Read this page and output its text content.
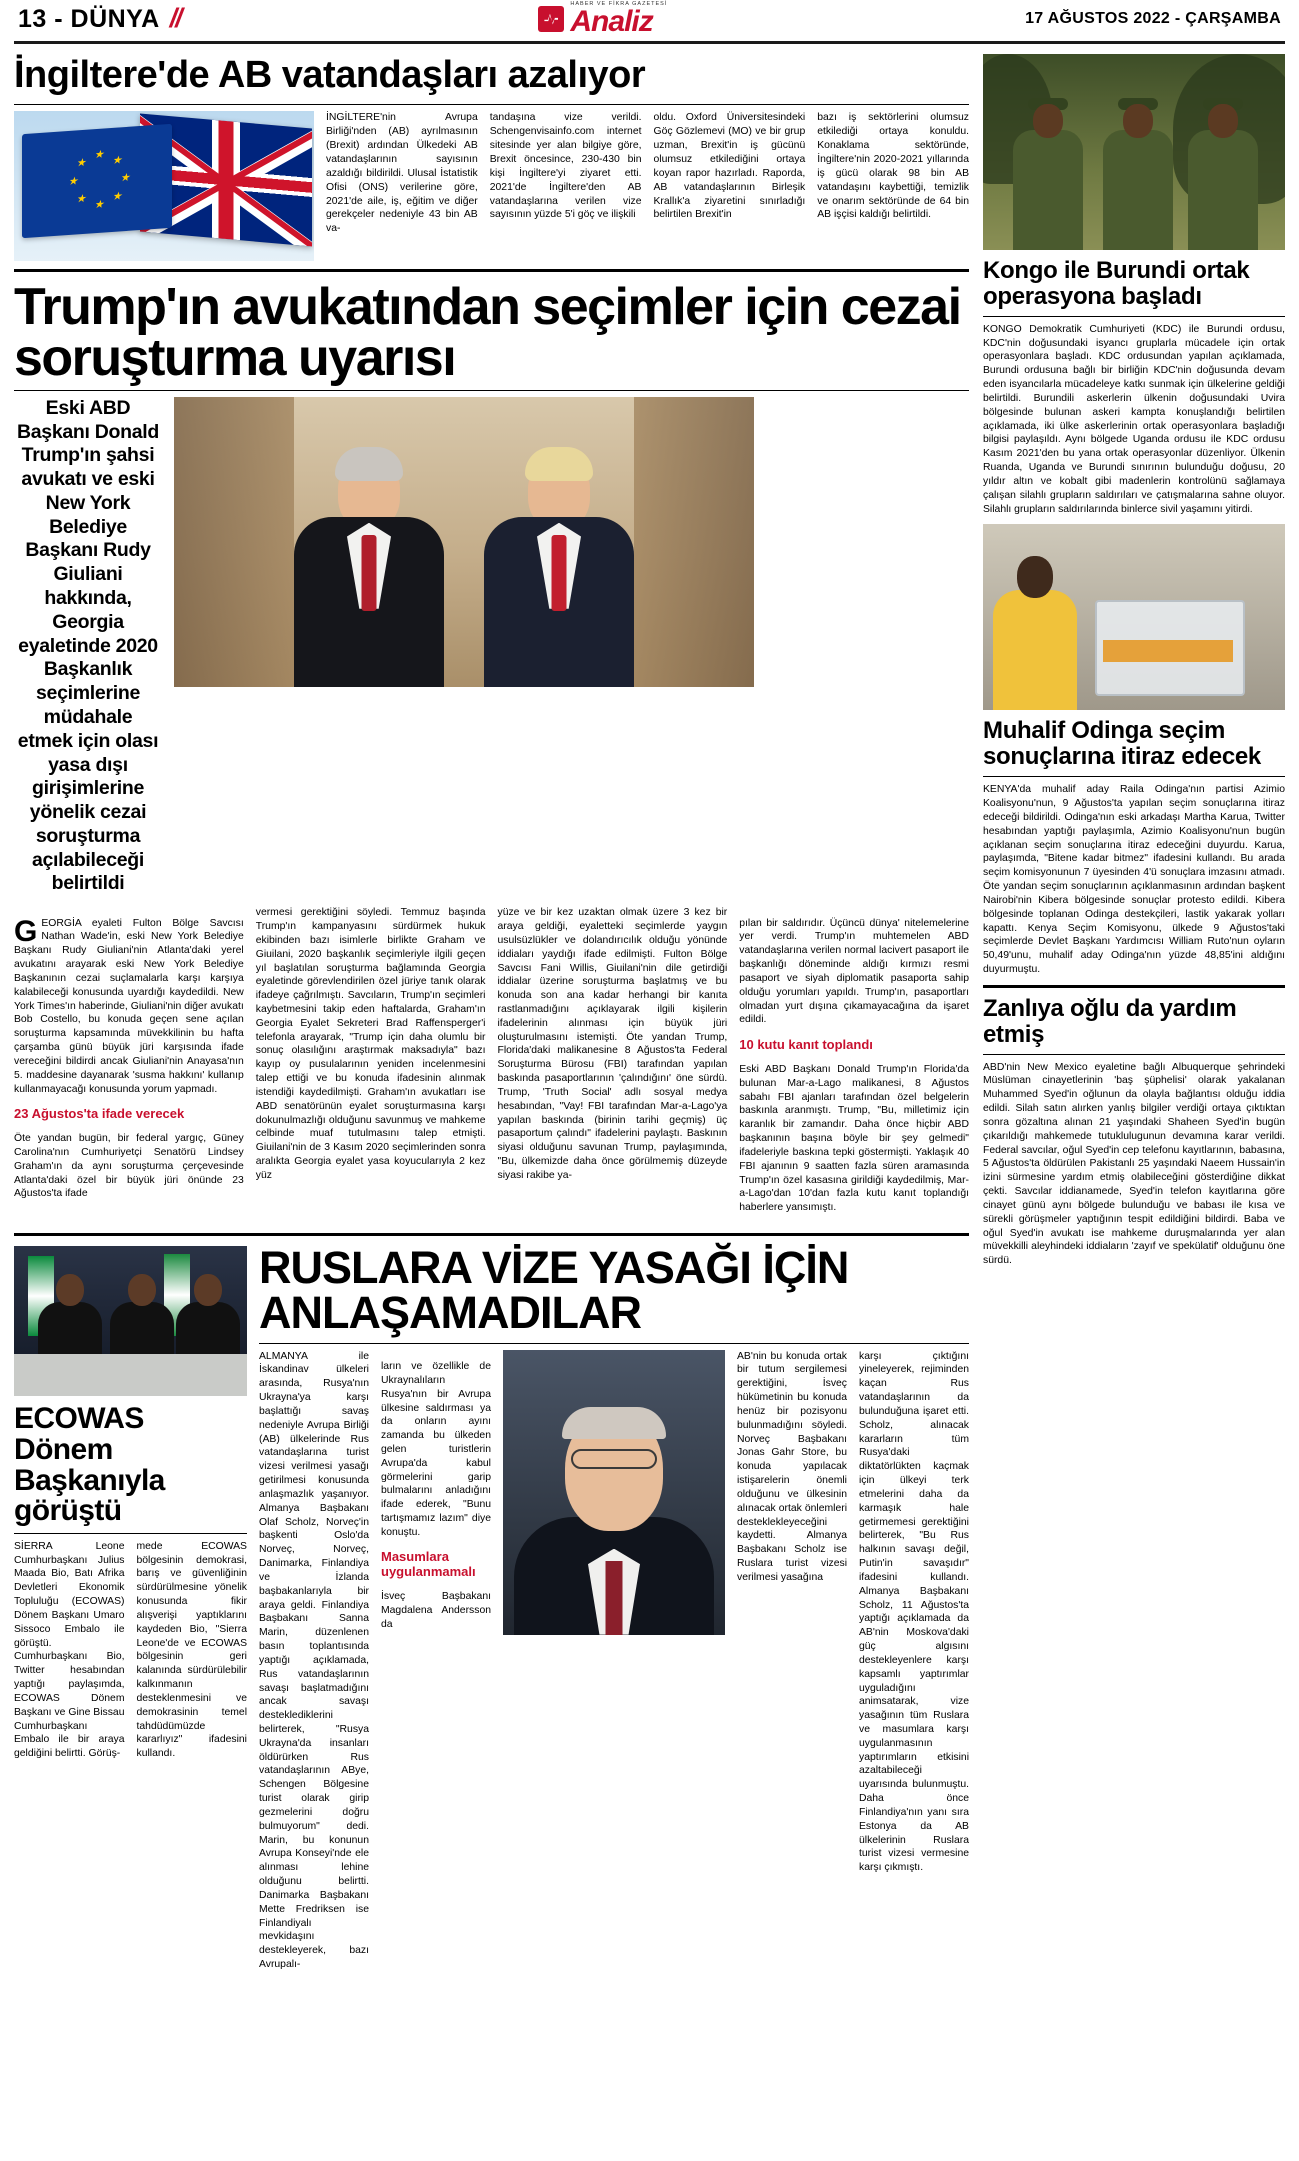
13 - DÜNYA //	HABER VE FİKRA GAZETESİ
Analiz	17 AĞUSTOS 2022 - ÇARŞAMBA
İngiltere'de AB vatandaşları azalıyor
★ ★
★
★
★
★
★
★
İNGİLTERE'nin Avrupa Birliği'nden (AB) ayrılmasının (Brexit) ardından Ülkedeki AB vatandaşlarının sayısının azaldığı bildirildi. Ulusal İstatistik Ofisi (ONS) verilerine göre, 2021'de aile, iş, eğitim ve diğer gerekçeler nedeniyle 43 bin AB va-
tandaşına vize verildi. Schengenvisainfo.com internet sitesinde yer alan bilgiye göre, Brexit öncesince, 230-430 bin kişi İngiltere'yi ziyaret etti. 2021'de İngiltere'den AB vatandaşlarına verilen vize sayısının yüzde 5'i göç ve ilişkili
oldu. Oxford Üniversitesindeki Göç Gözlemevi (MO) ve bir grup uzman, Brexit'in iş gücünü olumsuz etkilediğini ortaya koyan rapor hazırladı. Raporda, AB vatandaşlarının Birleşik Krallık'a ziyaretini sınırladığı belirtilen Brexit'in
bazı iş sektörlerini olumsuz etkilediği ortaya konuldu. Konaklama sektöründe, İngiltere'nin 2020-2021 yıllarında iş gücü olarak 98 bin AB vatandaşını kaybettiği, temizlik ve onarım sektöründe de 64 bin AB işçisi kaldığı belirtildi.
Trump'ın avukatından seçimler için cezai soruşturma uyarısı
Eski ABD Başkanı Donald Trump'ın şahsi avukatı ve eski New York Belediye Başkanı Rudy Giuliani hakkında, Georgia eyaletinde 2020 Başkanlık seçimlerine müdahale etmek için olası yasa dışı girişimlerine yönelik cezai soruşturma açılabileceği belirtildi

GEORGİA eyaleti Fulton Bölge Savcısı Nathan Wade'in, eski New York Belediye Başkanı Rudy Giuliani'nin Atlanta'daki yerel avukatını arayarak eski New York Belediye Başkanının cezai suçlamalarla karşı karşıya kalabileceği konusunda uyardığı kaydedildi. New York Times'ın haberinde, Giuliani'nin diğer avukatı Bob Costello, bu konuda geçen sene açılan soruşturma kapsamında müvekkilinin bu hafta çarşamba günü büyük jüri karşısında ifade vereceğini bildirdi ancak Giuliani'nin Anayasa'nın 5. maddesine dayanarak 'susma hakkını' kullanıp kullanmayacağı konusunda yorum yapmadı.

23 Ağustos'ta ifade verecek

Öte yandan bugün, bir federal yargıç, Güney Carolina'nın Cumhuriyetçi Senatörü Lindsey Graham'ın da aynı soruşturma çerçevesinde Atlanta'daki özel bir büyük jüri önünde 23 Ağustos'ta ifade

vermesi gerektiğini söyledi. Temmuz başında Trump'ın kampanyasını sürdürmek hukuk ekibinden bazı isimlerle birlikte Graham ve Giuilani, 2020 başkanlık seçimleriyle ilgili geçen yıl başlatılan soruşturma bağlamında Georgia eyaletinde görevlendirilen özel jüriye tanık olarak ifadeye çağrılmıştı. Savcıların, Trump'ın seçimleri kaybetmesini takip eden haftalarda, Graham'ın Georgia Eyalet Sekreteri Brad Raffensperger'i telefonla arayarak, "Trump için daha olumlu bir sonuç olasılığını araştırmak maksadıyla" bazı kayıp oy pusulalarının yeniden incelenmesini talep ettiği ve bu konuda ifadesinin alınmak istendiği kaydedilmişti. Graham'ın avukatları ise ABD senatörünün eyalet soruşturmasına karşı dokunulmazlığı olduğunu savunmuş ve mahkeme celbinde muaf tutulmasını talep etmişti. Giuilani'nin de 3 Kasım 2020 seçimlerinden sonra aralıkta Georgia eyalet yasa koyucularıyla 2 kez yüz
yüze ve bir kez uzaktan olmak üzere 3 kez bir araya geldiği, eyaletteki seçimlerde yaygın usulsüzlükler ve dolandırıcılık olduğu yönünde iddiaları yaydığı ifade edilmişti. Fulton Bölge Savcısı Fani Willis, Giuilani'nin dile getirdiği iddialar üzerine soruşturma başlatmış ve bu konuda son ana kadar herhangi bir kanıta rastlanmadığını açıklayarak ilgili kişilerin ifadelerinin alınması için büyük jüri oluşturulmasını istemişti. Öte yandan Trump, Florida'daki malikanesine 8 Ağustos'ta Federal Soruşturma Bürosu (FBI) tarafından yapılan baskında pasaportlarının 'çalındığını' öne sürdü. Trump, 'Truth Social' adlı sosyal medya hesabından, "Vay! FBI tarafından Mar-a-Lago'ya yapılan baskında (birinin tarihi geçmiş) üç pasaportum çalındı" ifadelerini paylaştı. Baskının siyasi olduğunu savunan Trump, paylaşımında, "Bu, ülkemizde daha önce görülmemiş düzeyde siyasi rakibe ya-

pılan bir saldırıdır. Üçüncü dünya' nitelemelerine yer verdi. Trump'ın muhtemelen ABD vatandaşlarına verilen normal lacivert pasaport ile başkanlığı döneminde aldığı kırmızı resmi pasaport ve siyah diplomatik pasaporta sahip olduğu yorumları yapıldı. Trump'ın, pasaportları olmadan yurt dışına çıkamayacağına da işaret edildi.

10 kutu kanıt toplandı

Eski ABD Başkanı Donald Trump'ın Florida'da bulunan Mar-a-Lago malikanesi, 8 Ağustos sabahı FBI ajanları tarafından özel belgelerin baskınla aranmıştı. Trump, "Bu, milletimiz için karanlık bir zamandır. Daha önce hiçbir ABD başkanının başına böyle bir şey gelmedi" ifadeleriyle baskına tepki göstermişti. Yaklaşık 40 FBI ajanının 9 saatten fazla süren aramasında Trump'ın özel kasasına girildiği kaydedilmiş, Mar-a-Lago'dan 10'dan fazla kutu kanıt toplandığı haberlere yansımıştı.

ECOWAS Dönem Başkanıyla görüştü
SİERRA Leone Cumhurbaşkanı Julius Maada Bio, Batı Afrika Devletleri Ekonomik Topluluğu (ECOWAS) Dönem Başkanı Umaro Sissoco Embalo ile görüştü. Cumhurbaşkanı Bio, Twitter hesabından yaptığı paylaşımda, ECOWAS Dönem Başkanı ve Gine Bissau Cumhurbaşkanı Embalo ile bir araya geldiğini belirtti. Görüş-
mede ECOWAS bölgesinin demokrasi, barış ve güvenliğinin sürdürülmesine yönelik konusunda fikir alışverişi yaptıklarını kaydeden Bio, "Sierra Leone'de ve ECOWAS bölgesinin geri kalanında sürdürülebilir kalkınmanın desteklenmesini ve demokrasinin temel tahdüdümüzde kararlıyız" ifadesini kullandı.
RUSLARA VİZE YASAĞI İÇİN ANLAŞAMADILAR
ALMANYA ile İskandinav ülkeleri arasında, Rusya'nın Ukrayna'ya karşı başlattığı savaş nedeniyle Avrupa Birliği (AB) ülkelerinde Rus vatandaşlarına turist vizesi verilmesi yasağı getirilmesi konusunda anlaşmazlık yaşanıyor. Almanya Başbakanı Olaf Scholz, Norveç'in başkenti Oslo'da Norveç, Norveç, Danimarka, Finlandiya ve İzlanda başbakanlarıyla bir araya geldi. Finlandiya Başbakanı Sanna Marin, düzenlenen basın toplantısında yaptığı açıklamada, Rus vatandaşlarının savaşı başlatmadığını ancak savaşı desteklediklerini belirterek, "Rusya Ukrayna'da insanları öldürürken Rus vatandaşlarının ABye, Schengen Bölgesine turist olarak girip gezmelerini doğru bulmuyorum" dedi. Marin, bu konunun Avrupa Konseyi'nde ele alınması lehine olduğunu belirtti. Danimarka Başbakanı Mette Fredriksen ise Finlandiyalı mevkidaşını destekleyerek, bazı Avrupalı-

ların ve özellikle de Ukraynalıların Rusya'nın bir Avrupa ülkesine saldırması ya da onların ayını zamanda bu ülkeden gelen turistlerin Avrupa'da kabul görmelerini garip bulmalarını anladığını ifade ederek, "Bunu tartışmamız lazım" diye konuştu.

Masumlara uygulanmamalı

İsveç Başbakanı Magdalena Andersson da

AB'nin bu konuda ortak bir tutum sergilemesi gerektiğini, İsveç hükümetinin bu konuda henüz bir pozisyonu bulunmadığını söyledi. Norveç Başbakanı Jonas Gahr Store, bu konuda yapılacak istişarelerin önemli olduğunu ve ülkesinin alınacak ortak önlemleri desteklekleyeceğini kaydetti. Almanya Başbakanı Scholz ise Ruslara turist vizesi verilmesi yasağına
karşı çıktığını yineleyerek, rejiminden kaçan Rus vatandaşlarının da bulunduğuna işaret etti. Scholz, alınacak kararların tüm Rusya'daki diktatörlükten kaçmak için ülkeyi terk etmelerini daha da karmaşık hale getirmemesi gerektiğini belirterek, "Bu Rus halkının savaşı değil, Putin'in savaşıdır" ifadesini kullandı. Almanya Başbakanı Scholz, 11 Ağustos'ta yaptığı açıklamada da AB'nin Moskova'daki güç algısını destekleyenlere karşı kapsamlı yaptırımlar uyguladığını animsatarak, vize yasağının tüm Ruslara ve masumlara karşı uygulanmasının yaptırımların etkisini azaltabileceği uyarısında bulunmuştu. Daha önce Finlandiya'nın yanı sıra Estonya da AB ülkelerinin Ruslara turist vizesi vermesine karşı çıkmıştı.
Kongo ile Burundi ortak operasyona başladı
KONGO Demokratik Cumhuriyeti (KDC) ile Burundi ordusu, KDC'nin doğusundaki isyancı gruplarla mücadele için ortak operasyonlara başladı. KDC ordusundan yapılan açıklamada, Burundi ordusuna bağlı bir birliğin KDC'nin doğusunda devam eden isyancılarla mücadeleye katkı sunmak için ülkelerine geldiği belirtildi. Burundili askerlerin ülkenin doğusundaki Uvira bölgesinde bulunan askeri kampta konuşlandığı belirtilen açıklamada, iki ülke askerlerinin ortak operasyonlara başladığı bilgisi paylaşıldı. Aynı bölgede Uganda ordusu ile KDC ordusu Kasım 2021'den bu yana ortak operasyonlar düzenliyor. Ülkenin Ruanda, Uganda ve Burundi sınırının bulunduğu doğusu, 20 yıldır altın ve kobalt gibi madenlerin kontrolünü sağlamaya çalışan silahlı grupların saldırıları ve çatışmalarına sahne oluyor. Silahlı grupların saldırılarında binlerce sivil yaşamını yitirdi.
Muhalif Odinga seçim sonuçlarına itiraz edecek
KENYA'da muhalif aday Raila Odinga'nın partisi Azimio Koalisyonu'nun, 9 Ağustos'ta yapılan seçim sonuçlarına itiraz edeceği bildirildi. Odinga'nın eski arkadaşı Martha Karua, Twitter hesabından yaptığı paylaşımla, Azimio Koalisyonu'nun bugün açıklanan seçim sonuçlarına itiraz edeceğini duyurdu. Karua, paylaşımda, "Bitene kadar bitmez" ifadesini kullandı. Bu arada seçim komisyonunun 7 üyesinden 4'ü sonuçlara imzasını atmadı. Öte yandan seçim sonuçlarının açıklanmasının ardından başkent Nairobi'nin Kibera bölgesinde sonuçlar protesto edildi. Kibera bölgesinde toplanan Odinga destekçileri, lastik yakarak yolları kapattı. Kenya Seçim Komisyonu, ülkede 9 Ağustos'taki seçimlerde Devlet Başkanı Yardımcısı William Ruto'nun oyların 50,49'unu, muhalif aday Odinga'nın yüzde 48,85'ini aldığını duyurmuştu.
Zanlıya oğlu da yardım etmiş
ABD'nin New Mexico eyaletine bağlı Albuquerque şehrindeki Müslüman cinayetlerinin 'baş şüphelisi' olarak yakalanan Muhammed Syed'in oğlunun da olayla bağlantısı olduğu iddia edildi. Silah satın alırken yanlış bilgiler verdiği ortaya çıktıktan sonra gözaltına alınan 21 yaşındaki Shaheen Syed'in bugün çıkarıldığı mahkemede tutuklulugunun devamına karar verildi. Federal savcılar, oğul Syed'in cep telefonu kayıtlarının, babasına, 5 Ağustos'ta öldürülen Pakistanlı 25 yaşındaki Naeem Hussain'in izini sürmesine yardım etmiş olabileceğini gösterdiğine dikkat çekti. Savcılar iddianamede, Syed'in telefon kayıtlarına göre cinayet günü aynı bölgede bulunduğu ve babası ile kısa ve sürekli görüşmeler yaptığının tespit edildiğini bildirdi. Baba ve oğul Syed'in avukatı ise mahkeme duruşmalarında yer alan müvekkilli aleyhindeki iddiaların 'zayıf ve spekülatif' olduğunu öne sürdü.
